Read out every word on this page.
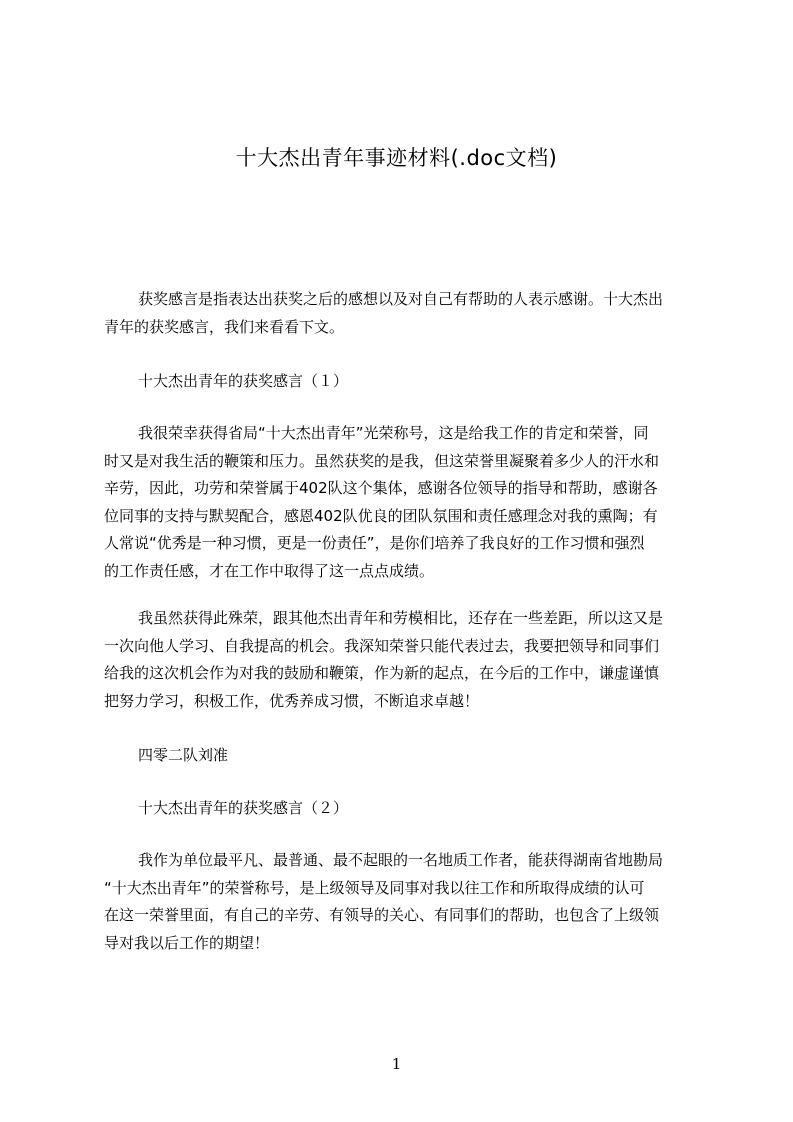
十大杰出青年事迹材料(.doc文档)
获奖感言是指表达出获奖之后的感想以及对自己有帮助的人表示感谢。十大杰出
青年的获奖感言，我们来看看下文。
十大杰出青年的获奖感言（１）
我很荣幸获得省局“十大杰出青年”光荣称号，这是给我工作的肯定和荣誉，同
时又是对我生活的鞭策和压力。虽然获奖的是我，但这荣誉里凝聚着多少人的汗水和
辛劳，因此，功劳和荣誉属于402队这个集体，感谢各位领导的指导和帮助，感谢各
位同事的支持与默契配合，感恩402队优良的团队氛围和责任感理念对我的熏陶；有
人常说“优秀是一种习惯，更是一份责任”，是你们培养了我良好的工作习惯和强烈
的工作责任感，才在工作中取得了这一点点成绩。
我虽然获得此殊荣，跟其他杰出青年和劳模相比，还存在一些差距，所以这又是
一次向他人学习、自我提高的机会。我深知荣誉只能代表过去，我要把领导和同事们
给我的这次机会作为对我的鼓励和鞭策，作为新的起点，在今后的工作中，谦虚谨慎
把努力学习，积极工作，优秀养成习惯，不断追求卓越！
四零二队刘准
十大杰出青年的获奖感言（２）
我作为单位最平凡、最普通、最不起眼的一名地质工作者，能获得湖南省地勘局
“十大杰出青年”的荣誉称号，是上级领导及同事对我以往工作和所取得成绩的认可
在这一荣誉里面，有自己的辛劳、有领导的关心、有同事们的帮助，也包含了上级领
导对我以后工作的期望！
1
